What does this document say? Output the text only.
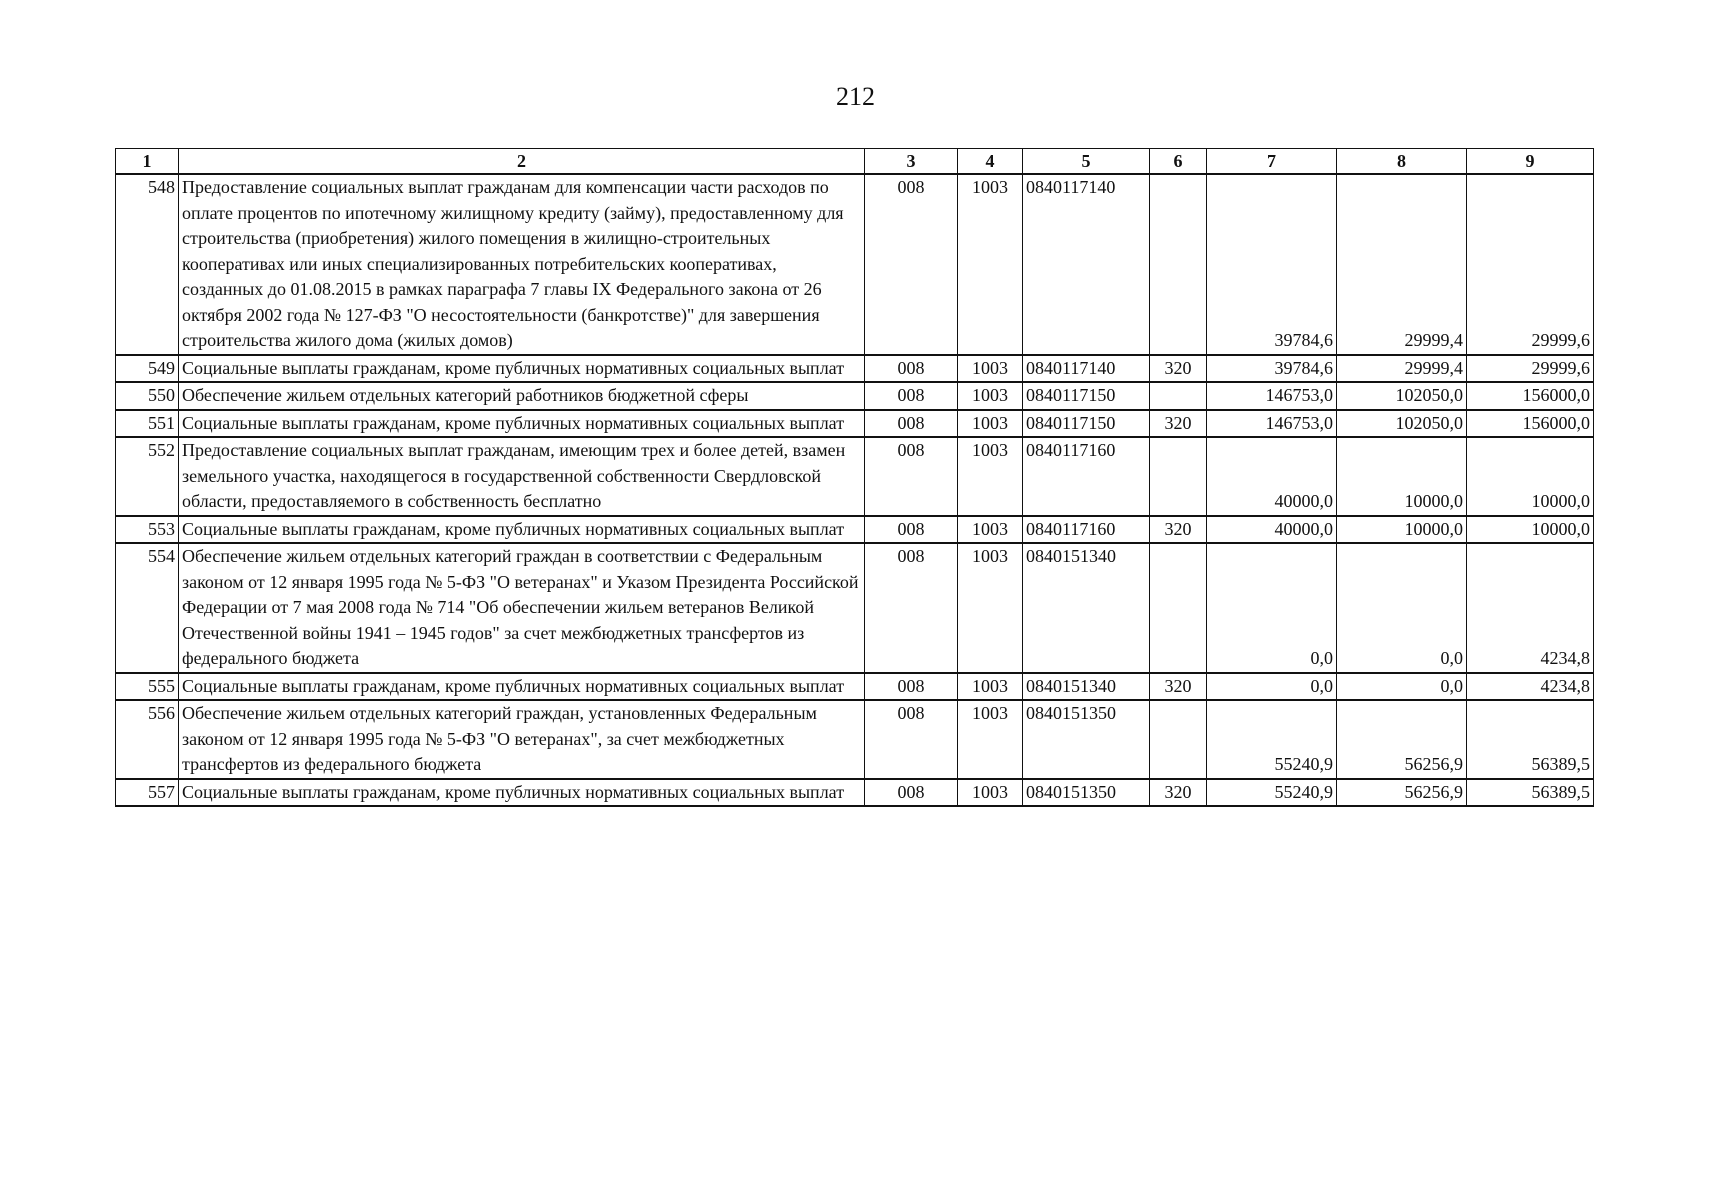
212
1	2	3	4	5	6	7	8	9
548	Предоставление социальных выплат гражданам для компенсации части расходов по оплате процентов по ипотечному жилищному кредиту (займу), предоставленному для строительства (приобретения) жилого помещения в жилищно-строительных кооперативах или иных специализированных потребительских кооперативах, созданных до 01.08.2015 в рамках параграфа 7 главы IX Федерального закона от 26 октября 2002 года № 127-ФЗ "О несостоятельности (банкротстве)" для завершения строительства жилого дома (жилых домов)	008	1003	0840117140		39784,6	29999,4	29999,6
549	Социальные выплаты гражданам, кроме публичных нормативных социальных выплат	008	1003	0840117140	320	39784,6	29999,4	29999,6
550	Обеспечение жильем отдельных категорий работников бюджетной сферы	008	1003	0840117150		146753,0	102050,0	156000,0
551	Социальные выплаты гражданам, кроме публичных нормативных социальных выплат	008	1003	0840117150	320	146753,0	102050,0	156000,0
552	Предоставление социальных выплат гражданам, имеющим трех и более детей, взамен земельного участка, находящегося в государственной собственности Свердловской области, предоставляемого в собственность бесплатно	008	1003	0840117160		40000,0	10000,0	10000,0
553	Социальные выплаты гражданам, кроме публичных нормативных социальных выплат	008	1003	0840117160	320	40000,0	10000,0	10000,0
554	Обеспечение жильем отдельных категорий граждан в соответствии с Федеральным законом от 12 января 1995 года № 5-ФЗ "О ветеранах" и Указом Президента Российской Федерации от 7 мая 2008 года № 714 "Об обеспечении жильем ветеранов Великой Отечественной войны 1941 – 1945 годов" за счет межбюджетных трансфертов из федерального бюджета	008	1003	0840151340		0,0	0,0	4234,8
555	Социальные выплаты гражданам, кроме публичных нормативных социальных выплат	008	1003	0840151340	320	0,0	0,0	4234,8
556	Обеспечение жильем отдельных категорий граждан, установленных Федеральным законом от 12 января 1995 года № 5-ФЗ "О ветеранах", за счет межбюджетных трансфертов из федерального бюджета	008	1003	0840151350		55240,9	56256,9	56389,5
557	Социальные выплаты гражданам, кроме публичных нормативных социальных выплат	008	1003	0840151350	320	55240,9	56256,9	56389,5
